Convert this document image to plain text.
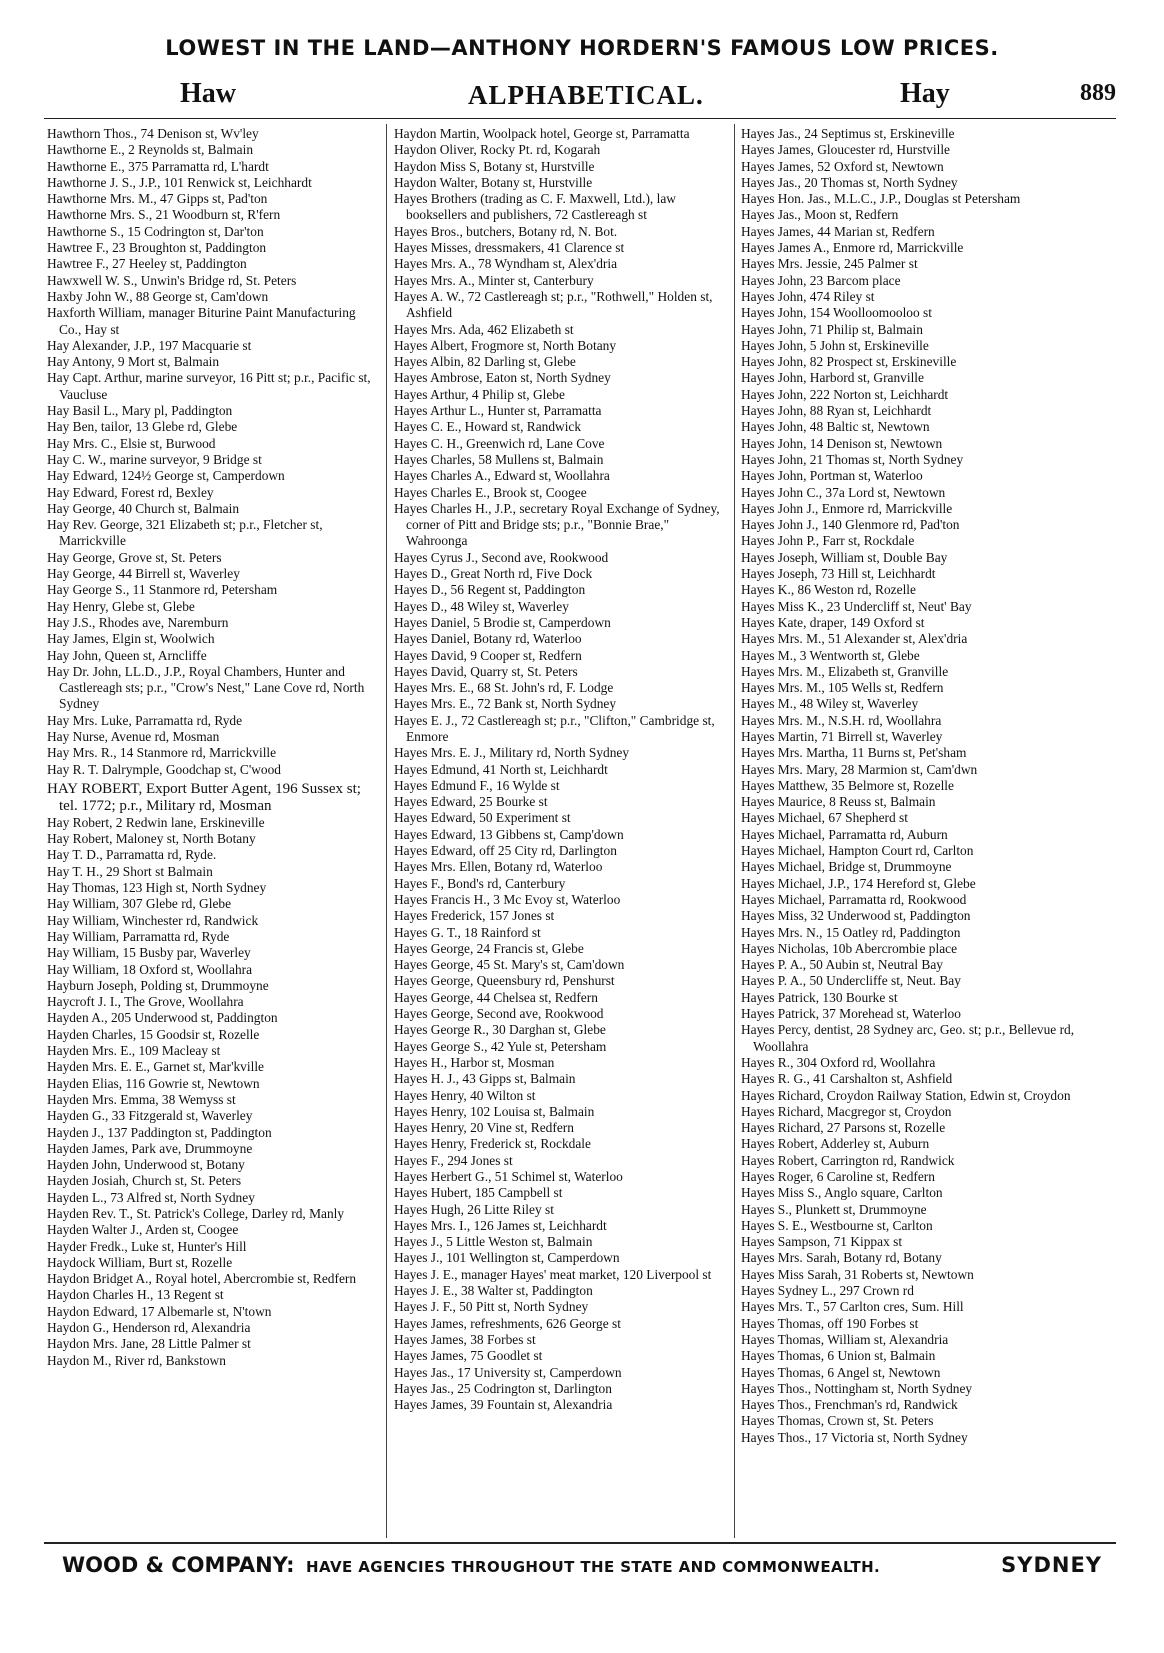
LOWEST IN THE LAND—ANTHONY HORDERN'S FAMOUS LOW PRICES.
Haw	ALPHABETICAL.	Hay	889

Hawthorn Thos., 74 Denison st, Wv'ley

Hawthorne E., 2 Reynolds st, Balmain

Hawthorne E., 375 Parramatta rd, L'hardt

Hawthorne J. S., J.P., 101 Renwick st, Leichhardt

Hawthorne Mrs. M., 47 Gipps st, Pad'ton

Hawthorne Mrs. S., 21 Woodburn st, R'fern

Hawthorne S., 15 Codrington st, Dar'ton

Hawtree F., 23 Broughton st, Paddington

Hawtree F., 27 Heeley st, Paddington

Hawxwell W. S., Unwin's Bridge rd, St. Peters

Haxby John W., 88 George st, Cam'down

Haxforth William, manager Biturine Paint Manufacturing Co., Hay st

Hay Alexander, J.P., 197 Macquarie st

Hay Antony, 9 Mort st, Balmain

Hay Capt. Arthur, marine surveyor, 16 Pitt st; p.r., Pacific st, Vaucluse

Hay Basil L., Mary pl, Paddington

Hay Ben, tailor, 13 Glebe rd, Glebe

Hay Mrs. C., Elsie st, Burwood

Hay C. W., marine surveyor, 9 Bridge st

Hay Edward, 124½ George st, Camperdown

Hay Edward, Forest rd, Bexley

Hay George, 40 Church st, Balmain

Hay Rev. George, 321 Elizabeth st; p.r., Fletcher st, Marrickville

Hay George, Grove st, St. Peters

Hay George, 44 Birrell st, Waverley

Hay George S., 11 Stanmore rd, Petersham

Hay Henry, Glebe st, Glebe

Hay J.S., Rhodes ave, Naremburn

Hay James, Elgin st, Woolwich

Hay John, Queen st, Arncliffe

Hay Dr. John, LL.D., J.P., Royal Chambers, Hunter and Castlereagh sts; p.r., "Crow's Nest," Lane Cove rd, North Sydney

Hay Mrs. Luke, Parramatta rd, Ryde

Hay Nurse, Avenue rd, Mosman

Hay Mrs. R., 14 Stanmore rd, Marrickville

Hay R. T. Dalrymple, Goodchap st, C'wood

HAY ROBERT, Export Butter Agent, 196 Sussex st; tel. 1772; p.r., Military rd, Mosman

Hay Robert, 2 Redwin lane, Erskineville

Hay Robert, Maloney st, North Botany

Hay T. D., Parramatta rd, Ryde.

Hay T. H., 29 Short st Balmain

Hay Thomas, 123 High st, North Sydney

Hay William, 307 Glebe rd, Glebe

Hay William, Winchester rd, Randwick

Hay William, Parramatta rd, Ryde

Hay William, 15 Busby par, Waverley

Hay William, 18 Oxford st, Woollahra

Hayburn Joseph, Polding st, Drummoyne

Haycroft J. I., The Grove, Woollahra

Hayden A., 205 Underwood st, Paddington

Hayden Charles, 15 Goodsir st, Rozelle

Hayden Mrs. E., 109 Macleay st

Hayden Mrs. E. E., Garnet st, Mar'kville

Hayden Elias, 116 Gowrie st, Newtown

Hayden Mrs. Emma, 38 Wemyss st

Hayden G., 33 Fitzgerald st, Waverley

Hayden J., 137 Paddington st, Paddington

Hayden James, Park ave, Drummoyne

Hayden John, Underwood st, Botany

Hayden Josiah, Church st, St. Peters

Hayden L., 73 Alfred st, North Sydney

Hayden Rev. T., St. Patrick's College, Darley rd, Manly

Hayden Walter J., Arden st, Coogee

Hayder Fredk., Luke st, Hunter's Hill

Haydock William, Burt st, Rozelle

Haydon Bridget A., Royal hotel, Abercrombie st, Redfern

Haydon Charles H., 13 Regent st

Haydon Edward, 17 Albemarle st, N'town

Haydon G., Henderson rd, Alexandria

Haydon Mrs. Jane, 28 Little Palmer st

Haydon M., River rd, Bankstown

Haydon Martin, Woolpack hotel, George st, Parramatta

Haydon Oliver, Rocky Pt. rd, Kogarah

Haydon Miss S, Botany st, Hurstville

Haydon Walter, Botany st, Hurstville

Hayes Brothers (trading as C. F. Maxwell, Ltd.), law booksellers and publishers, 72 Castlereagh st

Hayes Bros., butchers, Botany rd, N. Bot.

Hayes Misses, dressmakers, 41 Clarence st

Hayes Mrs. A., 78 Wyndham st, Alex'dria

Hayes Mrs. A., Minter st, Canterbury

Hayes A. W., 72 Castlereagh st; p.r., "Rothwell," Holden st, Ashfield

Hayes Mrs. Ada, 462 Elizabeth st

Hayes Albert, Frogmore st, North Botany

Hayes Albin, 82 Darling st, Glebe

Hayes Ambrose, Eaton st, North Sydney

Hayes Arthur, 4 Philip st, Glebe

Hayes Arthur L., Hunter st, Parramatta

Hayes C. E., Howard st, Randwick

Hayes C. H., Greenwich rd, Lane Cove

Hayes Charles, 58 Mullens st, Balmain

Hayes Charles A., Edward st, Woollahra

Hayes Charles E., Brook st, Coogee

Hayes Charles H., J.P., secretary Royal Exchange of Sydney, corner of Pitt and Bridge sts; p.r., "Bonnie Brae," Wahroonga

Hayes Cyrus J., Second ave, Rookwood

Hayes D., Great North rd, Five Dock

Hayes D., 56 Regent st, Paddington

Hayes D., 48 Wiley st, Waverley

Hayes Daniel, 5 Brodie st, Camperdown

Hayes Daniel, Botany rd, Waterloo

Hayes David, 9 Cooper st, Redfern

Hayes David, Quarry st, St. Peters

Hayes Mrs. E., 68 St. John's rd, F. Lodge

Hayes Mrs. E., 72 Bank st, North Sydney

Hayes E. J., 72 Castlereagh st; p.r., "Clifton," Cambridge st, Enmore

Hayes Mrs. E. J., Military rd, North Sydney

Hayes Edmund, 41 North st, Leichhardt

Hayes Edmund F., 16 Wylde st

Hayes Edward, 25 Bourke st

Hayes Edward, 50 Experiment st

Hayes Edward, 13 Gibbens st, Camp'down

Hayes Edward, off 25 City rd, Darlington

Hayes Mrs. Ellen, Botany rd, Waterloo

Hayes F., Bond's rd, Canterbury

Hayes Francis H., 3 Mc Evoy st, Waterloo

Hayes Frederick, 157 Jones st

Hayes G. T., 18 Rainford st

Hayes George, 24 Francis st, Glebe

Hayes George, 45 St. Mary's st, Cam'down

Hayes George, Queensbury rd, Penshurst

Hayes George, 44 Chelsea st, Redfern

Hayes George, Second ave, Rookwood

Hayes George R., 30 Darghan st, Glebe

Hayes George S., 42 Yule st, Petersham

Hayes H., Harbor st, Mosman

Hayes H. J., 43 Gipps st, Balmain

Hayes Henry, 40 Wilton st

Hayes Henry, 102 Louisa st, Balmain

Hayes Henry, 20 Vine st, Redfern

Hayes Henry, Frederick st, Rockdale

Hayes F., 294 Jones st

Hayes Herbert G., 51 Schimel st, Waterloo

Hayes Hubert, 185 Campbell st

Hayes Hugh, 26 Litte Riley st

Hayes Mrs. I., 126 James st, Leichhardt

Hayes J., 5 Little Weston st, Balmain

Hayes J., 101 Wellington st, Camperdown

Hayes J. E., manager Hayes' meat market, 120 Liverpool st

Hayes J. E., 38 Walter st, Paddington

Hayes J. F., 50 Pitt st, North Sydney

Hayes James, refreshments, 626 George st

Hayes James, 38 Forbes st

Hayes James, 75 Goodlet st

Hayes Jas., 17 University st, Camperdown

Hayes Jas., 25 Codrington st, Darlington

Hayes James, 39 Fountain st, Alexandria

Hayes Jas., 24 Septimus st, Erskineville

Hayes James, Gloucester rd, Hurstville

Hayes James, 52 Oxford st, Newtown

Hayes Jas., 20 Thomas st, North Sydney

Hayes Hon. Jas., M.L.C., J.P., Douglas st Petersham

Hayes Jas., Moon st, Redfern

Hayes James, 44 Marian st, Redfern

Hayes James A., Enmore rd, Marrickville

Hayes Mrs. Jessie, 245 Palmer st

Hayes John, 23 Barcom place

Hayes John, 474 Riley st

Hayes John, 154 Woolloomooloo st

Hayes John, 71 Philip st, Balmain

Hayes John, 5 John st, Erskineville

Hayes John, 82 Prospect st, Erskineville

Hayes John, Harbord st, Granville

Hayes John, 222 Norton st, Leichhardt

Hayes John, 88 Ryan st, Leichhardt

Hayes John, 48 Baltic st, Newtown

Hayes John, 14 Denison st, Newtown

Hayes John, 21 Thomas st, North Sydney

Hayes John, Portman st, Waterloo

Hayes John C., 37a Lord st, Newtown

Hayes John J., Enmore rd, Marrickville

Hayes John J., 140 Glenmore rd, Pad'ton

Hayes John P., Farr st, Rockdale

Hayes Joseph, William st, Double Bay

Hayes Joseph, 73 Hill st, Leichhardt

Hayes K., 86 Weston rd, Rozelle

Hayes Miss K., 23 Undercliff st, Neut' Bay

Hayes Kate, draper, 149 Oxford st

Hayes Mrs. M., 51 Alexander st, Alex'dria

Hayes M., 3 Wentworth st, Glebe

Hayes Mrs. M., Elizabeth st, Granville

Hayes Mrs. M., 105 Wells st, Redfern

Hayes M., 48 Wiley st, Waverley

Hayes Mrs. M., N.S.H. rd, Woollahra

Hayes Martin, 71 Birrell st, Waverley

Hayes Mrs. Martha, 11 Burns st, Pet'sham

Hayes Mrs. Mary, 28 Marmion st, Cam'dwn

Hayes Matthew, 35 Belmore st, Rozelle

Hayes Maurice, 8 Reuss st, Balmain

Hayes Michael, 67 Shepherd st

Hayes Michael, Parramatta rd, Auburn

Hayes Michael, Hampton Court rd, Carlton

Hayes Michael, Bridge st, Drummoyne

Hayes Michael, J.P., 174 Hereford st, Glebe

Hayes Michael, Parramatta rd, Rookwood

Hayes Miss, 32 Underwood st, Paddington

Hayes Mrs. N., 15 Oatley rd, Paddington

Hayes Nicholas, 10b Abercrombie place

Hayes P. A., 50 Aubin st, Neutral Bay

Hayes P. A., 50 Undercliffe st, Neut. Bay

Hayes Patrick, 130 Bourke st

Hayes Patrick, 37 Morehead st, Waterloo

Hayes Percy, dentist, 28 Sydney arc, Geo. st; p.r., Bellevue rd, Woollahra

Hayes R., 304 Oxford rd, Woollahra

Hayes R. G., 41 Carshalton st, Ashfield

Hayes Richard, Croydon Railway Station, Edwin st, Croydon

Hayes Richard, Macgregor st, Croydon

Hayes Richard, 27 Parsons st, Rozelle

Hayes Robert, Adderley st, Auburn

Hayes Robert, Carrington rd, Randwick

Hayes Roger, 6 Caroline st, Redfern

Hayes Miss S., Anglo square, Carlton

Hayes S., Plunkett st, Drummoyne

Hayes S. E., Westbourne st, Carlton

Hayes Sampson, 71 Kippax st

Hayes Mrs. Sarah, Botany rd, Botany

Hayes Miss Sarah, 31 Roberts st, Newtown

Hayes Sydney L., 297 Crown rd

Hayes Mrs. T., 57 Carlton cres, Sum. Hill

Hayes Thomas, off 190 Forbes st

Hayes Thomas, William st, Alexandria

Hayes Thomas, 6 Union st, Balmain

Hayes Thomas, 6 Angel st, Newtown

Hayes Thos., Nottingham st, North Sydney

Hayes Thos., Frenchman's rd, Randwick

Hayes Thomas, Crown st, St. Peters

Hayes Thos., 17 Victoria st, North Sydney

WOOD & COMPANY: HAVE AGENCIES THROUGHOUT THE STATE AND COMMONWEALTH.	SYDNEY
